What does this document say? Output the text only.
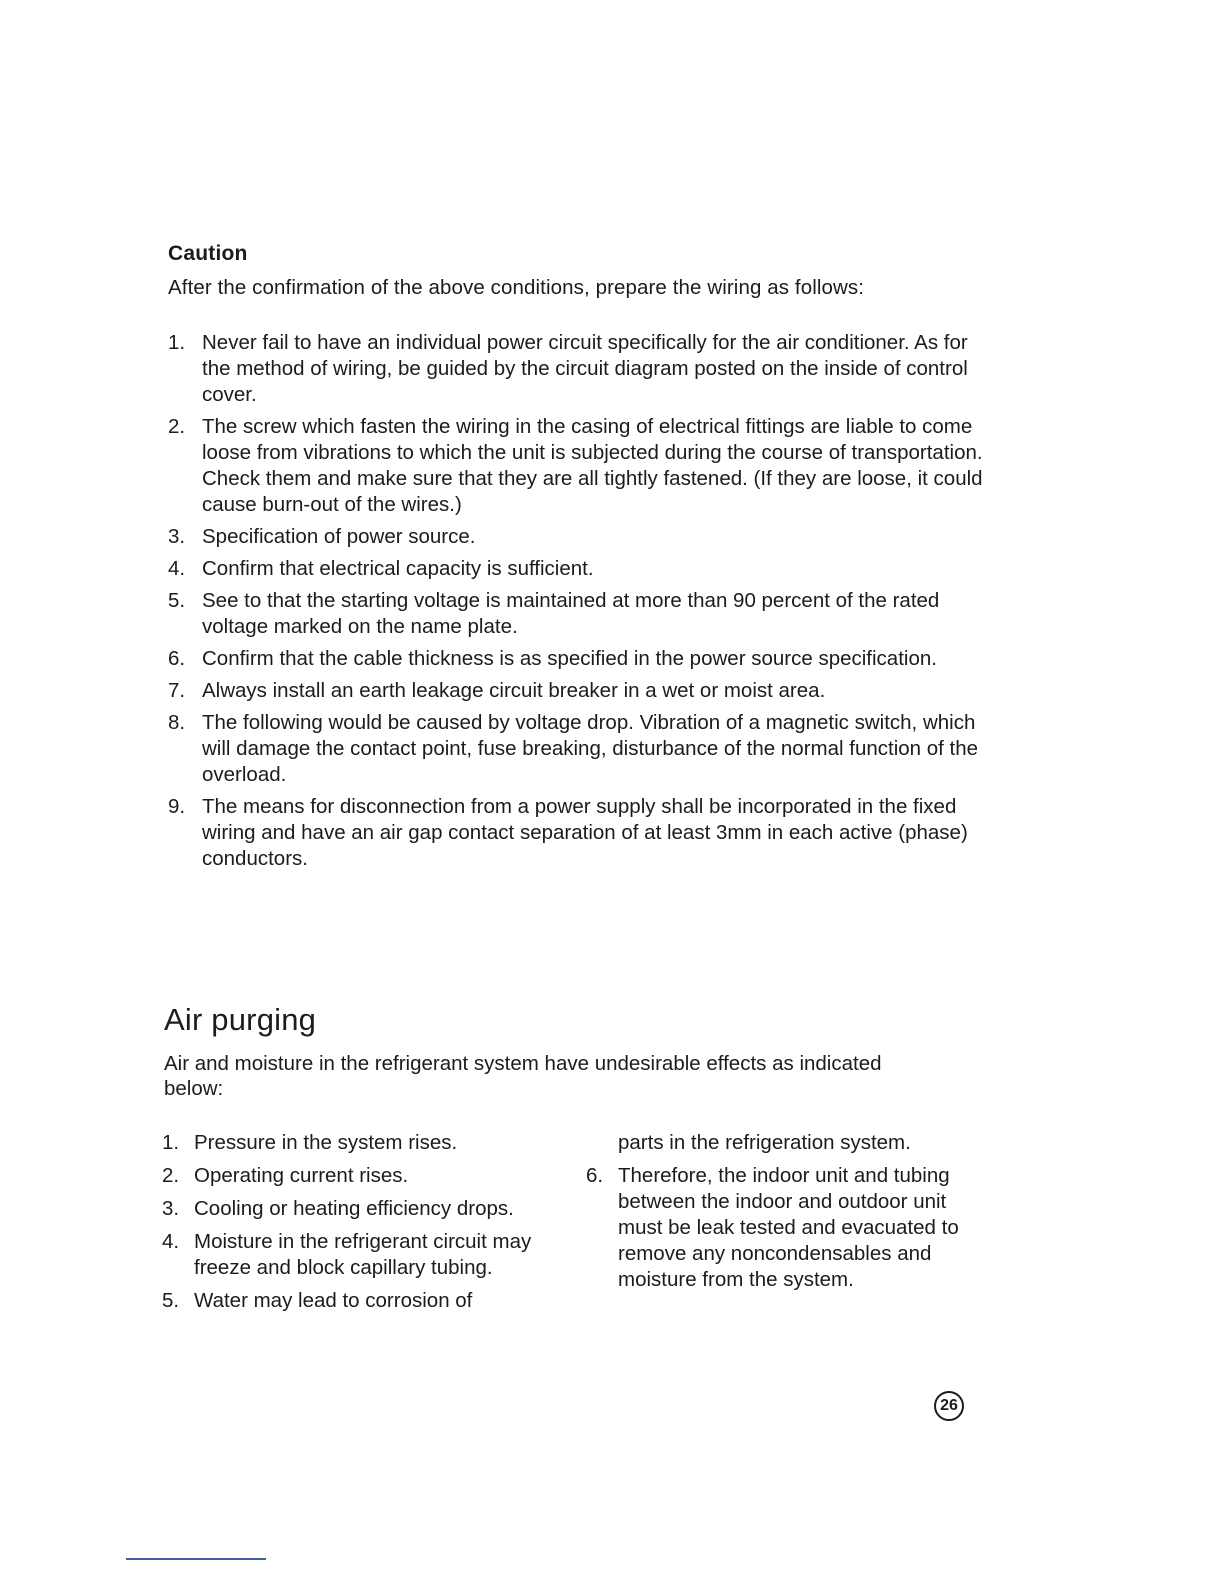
Caution
After the confirmation of the above conditions, prepare the wiring as follows:
1. Never fail to have an individual power circuit specifically for the air conditioner. As for the method of wiring, be guided by the circuit diagram posted on the inside of control cover.
2. The screw which fasten the wiring in the casing of electrical fittings are liable to come loose from vibrations to which the unit is subjected during the course of transportation. Check them and make sure that they are all tightly fastened. (If they are loose, it could cause burn-out of the wires.)
3. Specification of power source.
4. Confirm that electrical capacity is sufficient.
5. See to that the starting voltage is maintained at more than 90 percent of the rated voltage marked on the name plate.
6. Confirm that the cable thickness is as specified in the power source specification.
7. Always install an earth leakage circuit breaker in a wet or moist area.
8. The following would be caused by voltage drop. Vibration of a magnetic switch, which will damage the contact point, fuse breaking, disturbance of the normal function of the overload.
9. The means for disconnection from a power supply shall be incorporated in the fixed wiring and have an air gap contact separation of at least 3mm in each active (phase) conductors.
Air purging
Air and moisture in the refrigerant system have undesirable effects as indicated below:
1. Pressure in the system rises.
2. Operating current rises.
3. Cooling or heating efficiency drops.
4. Moisture in the refrigerant circuit may freeze and block capillary tubing.
5. Water may lead to corrosion of
parts in the refrigeration system.
6. Therefore, the indoor unit and tubing between the indoor and outdoor unit must be leak tested and evacuated to remove any noncondensables and moisture from the system.
26
